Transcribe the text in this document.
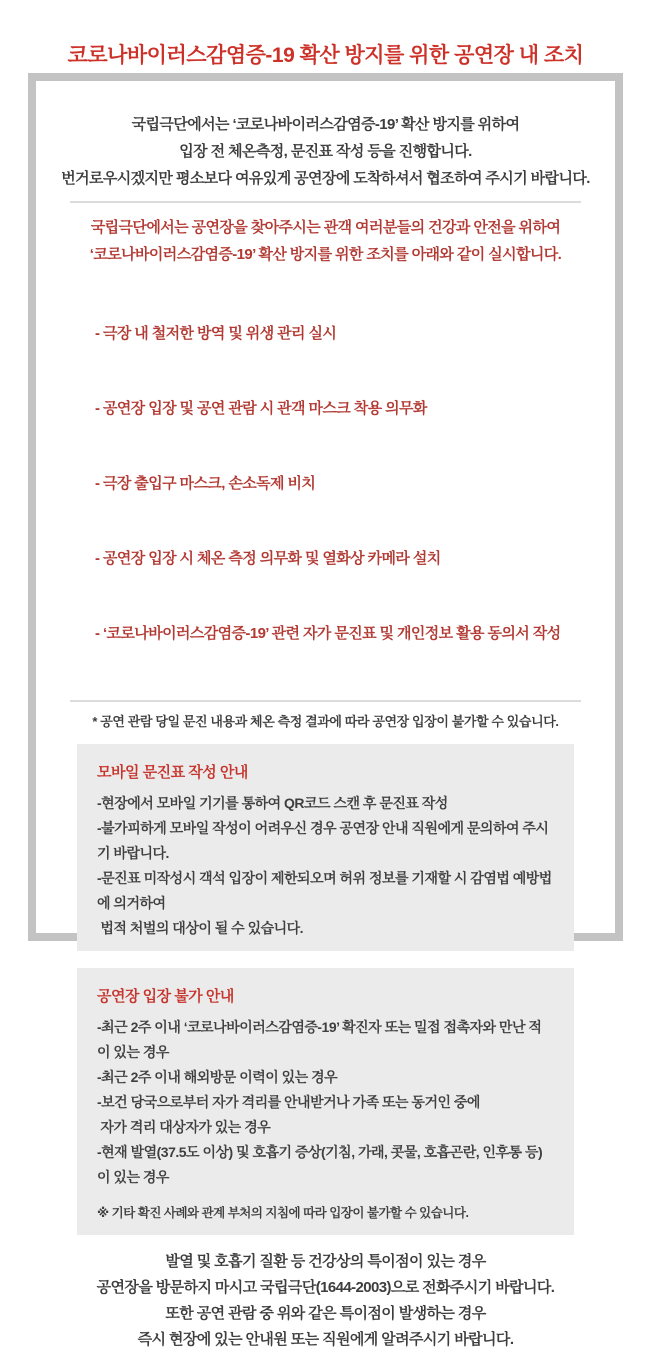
코로나바이러스감염증-19 확산 방지를 위한 공연장 내 조치
국립극단에서는 ‘코로나바이러스감염증-19’ 확산 방지를 위하여
입장 전 체온측정, 문진표 작성 등을 진행합니다.
번거로우시겠지만 평소보다 여유있게 공연장에 도착하셔서 협조하여 주시기 바랍니다.
국립극단에서는 공연장을 찾아주시는 관객 여러분들의 건강과 안전을 위하여
‘코로나바이러스감염증-19’ 확산 방지를 위한 조치를 아래와 같이 실시합니다.

- 극장 내 철저한 방역 및 위생 관리 실시

- 공연장 입장 및 공연 관람 시 관객 마스크 착용 의무화

- 극장 출입구 마스크, 손소독제 비치

- 공연장 입장 시 체온 측정 의무화 및 열화상 카메라 설치

- ‘코로나바이러스감염증-19’ 관련 자가 문진표 및 개인정보 활용 동의서 작성

* 공연 관람 당일 문진 내용과 체온 측정 결과에 따라 공연장 입장이 불가할 수 있습니다.
모바일 문진표 작성 안내
-현장에서 모바일 기기를 통하여 QR코드 스캔 후 문진표 작성
-불가피하게 모바일 작성이 어려우신 경우 공연장 안내 직원에게 문의하여 주시기 바랍니다.
-문진표 미작성시 객석 입장이 제한되오며 허위 정보를 기재할 시 감염법 예방법에 의거하여
법적 처벌의 대상이 될 수 있습니다.
공연장 입장 불가 안내
-최근 2주 이내 ‘코로나바이러스감염증-19’ 확진자 또는 밀접 접촉자와 만난 적이 있는 경우
-최근 2주 이내 해외방문 이력이 있는 경우
-보건 당국으로부터 자가 격리를 안내받거나 가족 또는 동거인 중에
자가 격리 대상자가 있는 경우
-현재 발열(37.5도 이상) 및 호흡기 증상(기침, 가래, 콧물, 호흡곤란, 인후통 등)이 있는 경우
※ 기타 확진 사례와 관계 부처의 지침에 따라 입장이 불가할 수 있습니다.
발열 및 호흡기 질환 등 건강상의 특이점이 있는 경우
공연장을 방문하지 마시고 국립극단(1644-2003)으로 전화주시기 바랍니다.
또한 공연 관람 중 위와 같은 특이점이 발생하는 경우
즉시 현장에 있는 안내원 또는 직원에게 알려주시기 바랍니다.
